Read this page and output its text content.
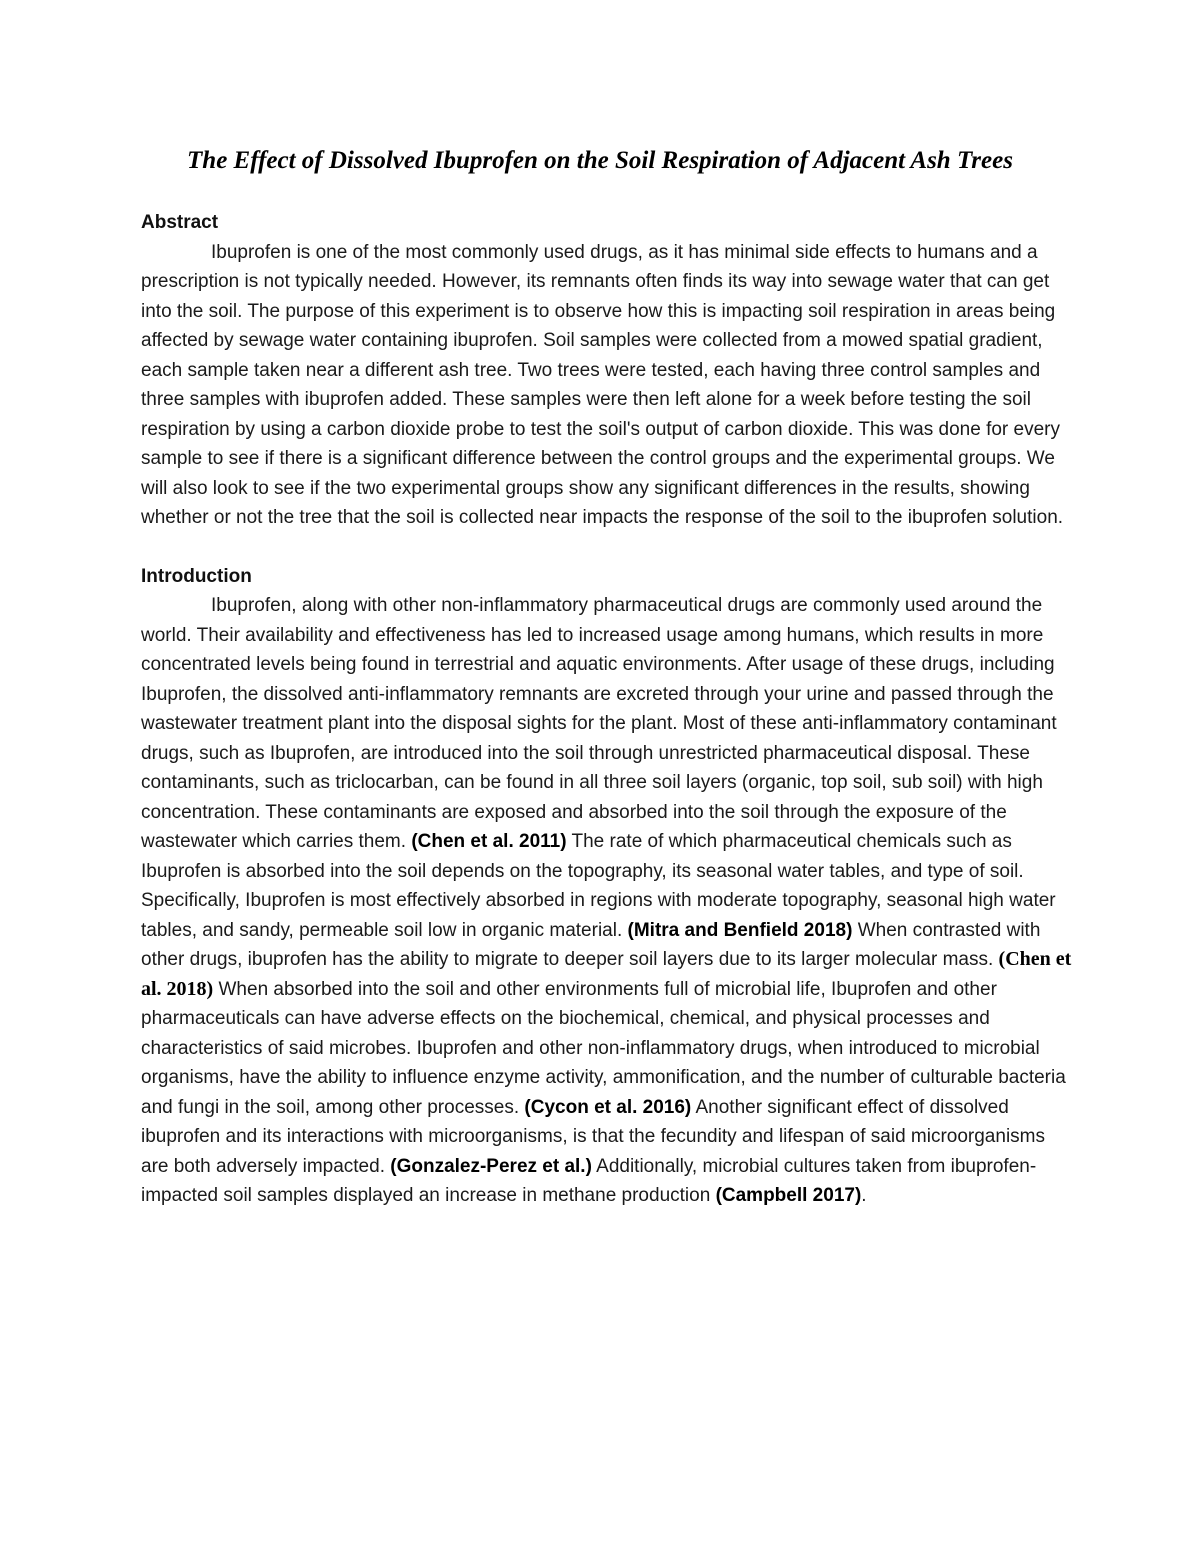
The Effect of Dissolved Ibuprofen on the Soil Respiration of Adjacent Ash Trees
Abstract

Ibuprofen is one of the most commonly used drugs, as it has minimal side effects to humans and a prescription is not typically needed. However, its remnants often finds its way into sewage water that can get into the soil. The purpose of this experiment is to observe how this is impacting soil respiration in areas being affected by sewage water containing ibuprofen. Soil samples were collected from a mowed spatial gradient, each sample taken near a different ash tree. Two trees were tested, each having three control samples and three samples with ibuprofen added. These samples were then left alone for a week before testing the soil respiration by using a carbon dioxide probe to test the soil's output of carbon dioxide. This was done for every sample to see if there is a significant difference between the control groups and the experimental groups. We will also look to see if the two experimental groups show any significant differences in the results, showing whether or not the tree that the soil is collected near impacts the response of the soil to the ibuprofen solution.

Introduction

Ibuprofen, along with other non-inflammatory pharmaceutical drugs are commonly used around the world. Their availability and effectiveness has led to increased usage among humans, which results in more concentrated levels being found in terrestrial and aquatic environments. After usage of these drugs, including Ibuprofen, the dissolved anti-inflammatory remnants are excreted through your urine and passed through the wastewater treatment plant into the disposal sights for the plant. Most of these anti-inflammatory contaminant drugs, such as Ibuprofen, are introduced into the soil through unrestricted pharmaceutical disposal. These contaminants, such as triclocarban, can be found in all three soil layers (organic, top soil, sub soil) with high concentration. These contaminants are exposed and absorbed into the soil through the exposure of the wastewater which carries them. (Chen et al. 2011) The rate of which pharmaceutical chemicals such as Ibuprofen is absorbed into the soil depends on the topography, its seasonal water tables, and type of soil. Specifically, Ibuprofen is most effectively absorbed in regions with moderate topography, seasonal high water tables, and sandy, permeable soil low in organic material. (Mitra and Benfield 2018) When contrasted with other drugs, ibuprofen has the ability to migrate to deeper soil layers due to its larger molecular mass. (Chen et al. 2018) When absorbed into the soil and other environments full of microbial life, Ibuprofen and other pharmaceuticals can have adverse effects on the biochemical, chemical, and physical processes and characteristics of said microbes. Ibuprofen and other non-inflammatory drugs, when introduced to microbial organisms, have the ability to influence enzyme activity, ammonification, and the number of culturable bacteria and fungi in the soil, among other processes. (Cycon et al. 2016) Another significant effect of dissolved ibuprofen and its interactions with microorganisms, is that the fecundity and lifespan of said microorganisms are both adversely impacted. (Gonzalez-Perez et al.) Additionally, microbial cultures taken from ibuprofen-impacted soil samples displayed an increase in methane production (Campbell 2017).
